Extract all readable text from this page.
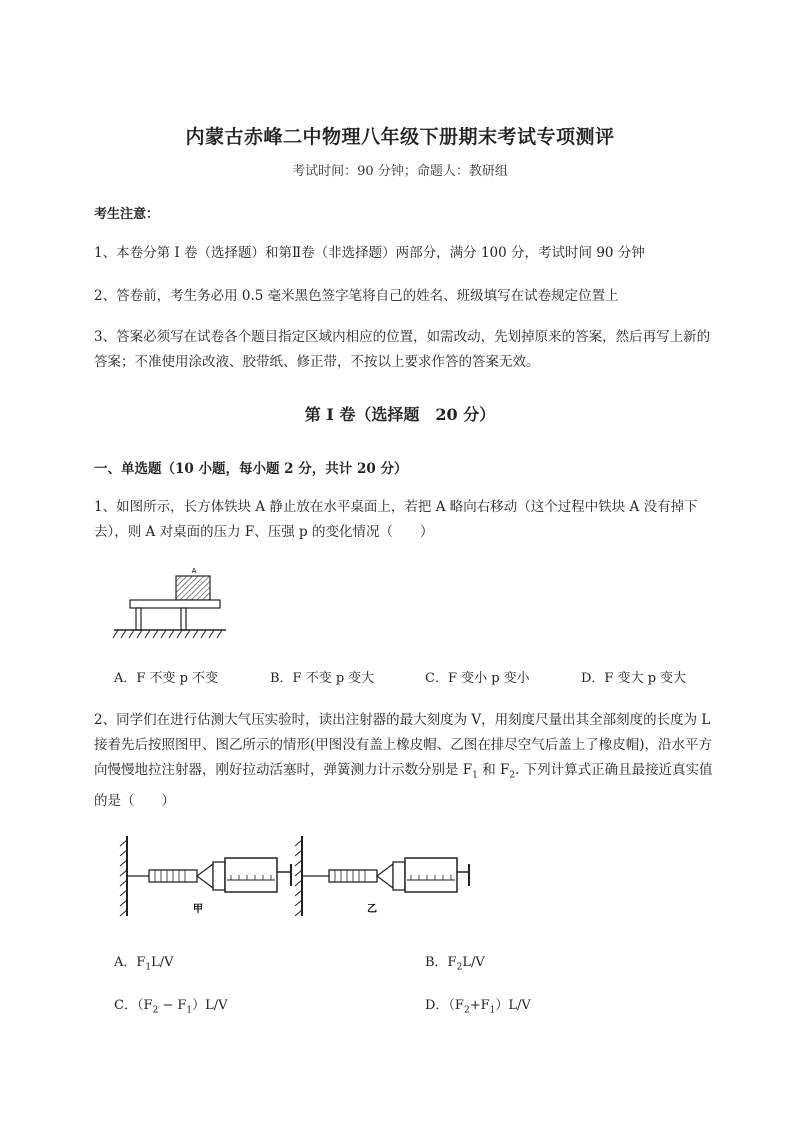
内蒙古赤峰二中物理八年级下册期末考试专项测评
考试时间：90 分钟；命题人：教研组
考生注意：
1、本卷分第 I 卷（选择题）和第Ⅱ卷（非选择题）两部分，满分 100 分，考试时间 90 分钟
2、答卷前，考生务必用 0.5 毫米黑色签字笔将自己的姓名、班级填写在试卷规定位置上
3、答案必须写在试卷各个题目指定区域内相应的位置，如需改动，先划掉原来的答案，然后再写上新的答案；不准使用涂改液、胶带纸、修正带，不按以上要求作答的答案无效。
第 I 卷（选择题　20 分）
一、单选题（10 小题，每小题 2 分，共计 20 分）
1、如图所示，长方体铁块 A 静止放在水平桌面上，若把 A 略向右移动（这个过程中铁块 A 没有掉下去），则 A 对桌面的压力 F、压强 p 的变化情况（　　）
A
A．F 不变 p 不变	B．F 不变 p 变大	C．F 变小 p 变小	D．F 变大 p 变大
2、同学们在进行估测大气压实验时，读出注射器的最大刻度为 V，用刻度尺量出其全部刻度的长度为 L 接着先后按照图甲、图乙所示的情形(甲图没有盖上橡皮帽、乙图在排尽空气后盖上了橡皮帽)，沿水平方向慢慢地拉注射器，刚好拉动活塞时，弹簧测力计示数分别是 $F_1$ 和 $F_2$. 下列计算式正确且最接近真实值的是（　　）
甲	乙
A．$F_1L/V$	B．$F_2L/V$
C．$(F_2 - F_1)L/V$	D．$(F_2+F_1)L/V$
